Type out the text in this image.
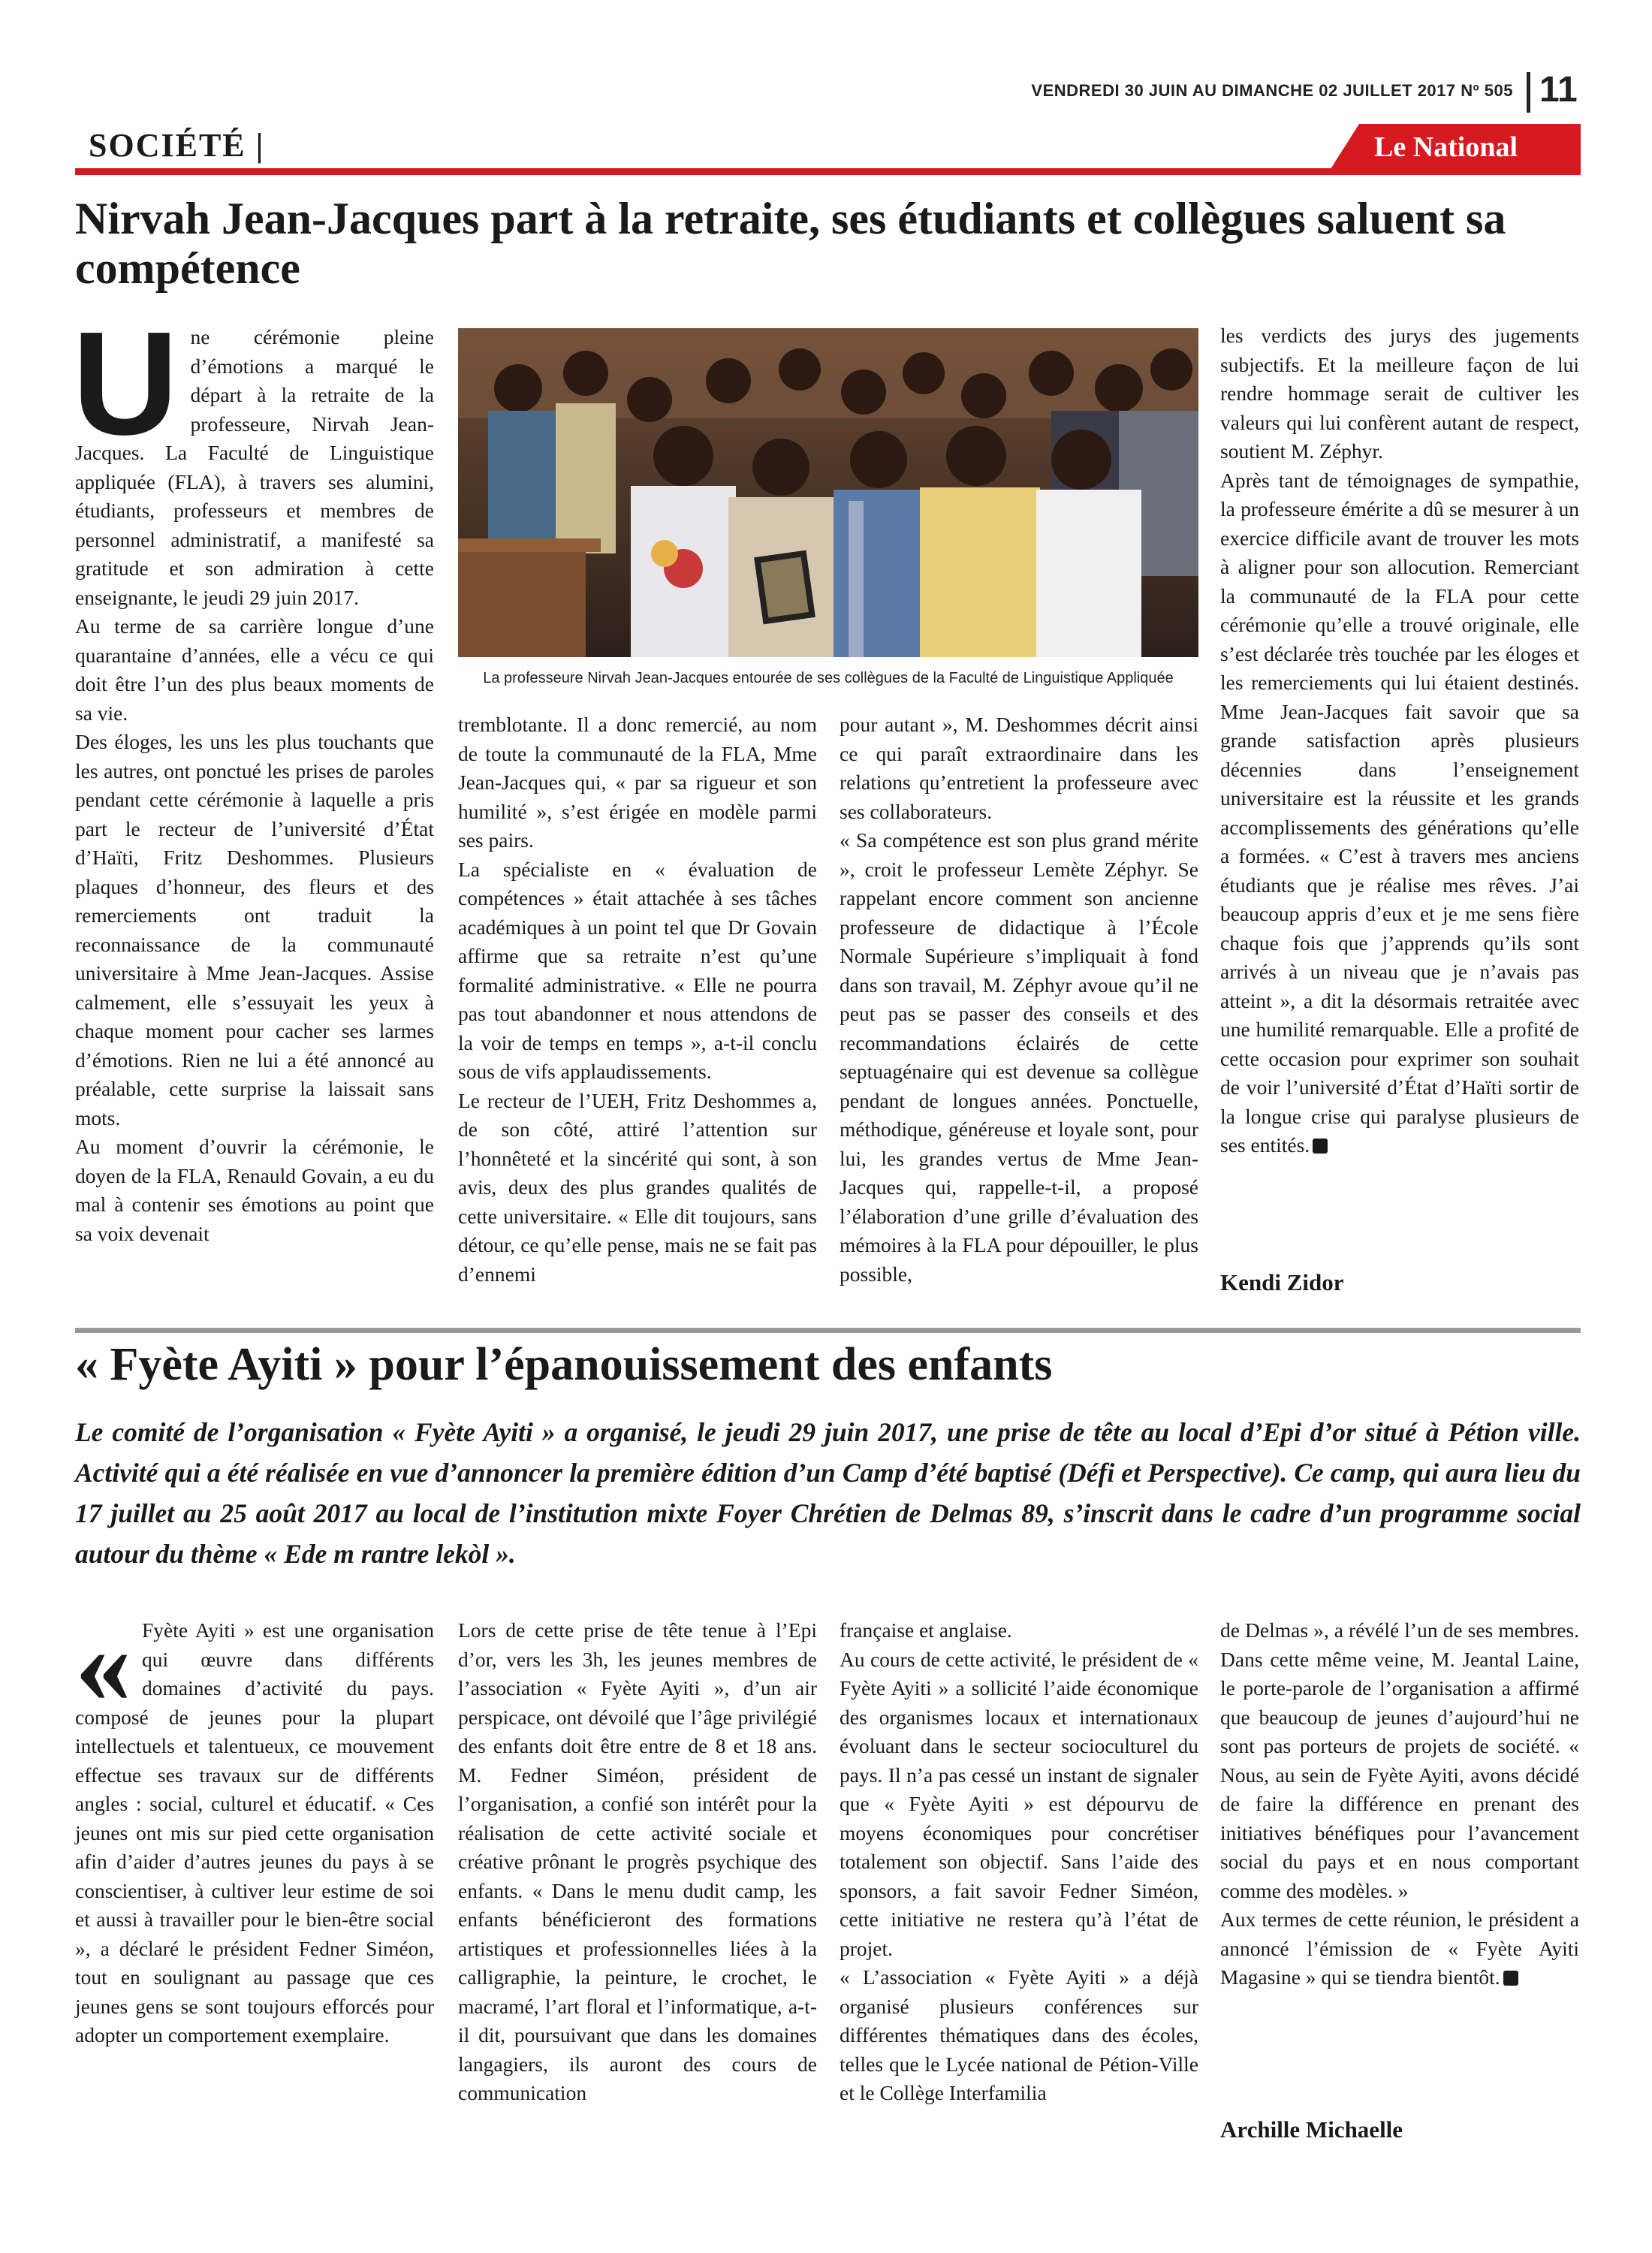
VENDREDI 30 JUIN AU DIMANCHE 02 JUILLET 2017 Nº 505 11
SOCIÉTÉ |	Le National
Nirvah Jean-Jacques part à la retraite, ses étudiants et collègues saluent sa compétence
U ne cérémonie pleine d’émotions a marqué le départ à la retraite de la professeure, Nirvah Jean-Jacques. La Faculté de Linguistique appliquée (FLA), à travers ses alumini, étudiants, professeurs et membres de personnel administratif, a manifesté sa gratitude et son admiration à cette enseignante, le jeudi 29 juin 2017.

Au terme de sa carrière longue d’une quarantaine d’années, elle a vécu ce qui doit être l’un des plus beaux moments de sa vie.

Des éloges, les uns les plus touchants que les autres, ont ponctué les prises de paroles pendant cette cérémonie à laquelle a pris part le recteur de l’université d’État d’Haïti, Fritz Deshommes. Plusieurs plaques d’honneur, des fleurs et des remerciements ont traduit la reconnaissance de la communauté universitaire à Mme Jean-Jacques. Assise calmement, elle s’essuyait les yeux à chaque moment pour cacher ses larmes d’émotions. Rien ne lui a été annoncé au préalable, cette surprise la laissait sans mots.

Au moment d’ouvrir la cérémonie, le doyen de la FLA, Renauld Govain, a eu du mal à contenir ses émotions au point que sa voix devenait

La professeure Nirvah Jean-Jacques entourée de ses collègues de la Faculté de Linguistique Appliquée

tremblotante. Il a donc remercié, au nom de toute la communauté de la FLA, Mme Jean-Jacques qui, « par sa rigueur et son humilité », s’est érigée en modèle parmi ses pairs.

La spécialiste en « évaluation de compétences » était attachée à ses tâches académiques à un point tel que Dr Govain affirme que sa retraite n’est qu’une formalité administrative. « Elle ne pourra pas tout abandonner et nous attendons de la voir de temps en temps », a-t-il conclu sous de vifs applaudissements.

Le recteur de l’UEH, Fritz Deshommes a, de son côté, attiré l’attention sur l’honnêteté et la sincérité qui sont, à son avis, deux des plus grandes qualités de cette universitaire. « Elle dit toujours, sans détour, ce qu’elle pense, mais ne se fait pas d’ennemi

pour autant », M. Deshommes décrit ainsi ce qui paraît extraordinaire dans les relations qu’entretient la professeure avec ses collaborateurs.

« Sa compétence est son plus grand mérite », croit le professeur Lemète Zéphyr. Se rappelant encore comment son ancienne professeure de didactique à l’École Normale Supérieure s’impliquait à fond dans son travail, M. Zéphyr avoue qu’il ne peut pas se passer des conseils et des recommandations éclairés de cette septuagénaire qui est devenue sa collègue pendant de longues années. Ponctuelle, méthodique, généreuse et loyale sont, pour lui, les grandes vertus de Mme Jean-Jacques qui, rappelle-t-il, a proposé l’élaboration d’une grille d’évaluation des mémoires à la FLA pour dépouiller, le plus possible,

les verdicts des jurys des jugements subjectifs. Et la meilleure façon de lui rendre hommage serait de cultiver les valeurs qui lui confèrent autant de respect, soutient M. Zéphyr.

Après tant de témoignages de sympathie, la professeure émérite a dû se mesurer à un exercice difficile avant de trouver les mots à aligner pour son allocution. Remerciant la communauté de la FLA pour cette cérémonie qu’elle a trouvé originale, elle s’est déclarée très touchée par les éloges et les remerciements qui lui étaient destinés. Mme Jean-Jacques fait savoir que sa grande satisfaction après plusieurs décennies dans l’enseignement universitaire est la réussite et les grands accomplissements des générations qu’elle a formées. « C’est à travers mes anciens étudiants que je réalise mes rêves. J’ai beaucoup appris d’eux et je me sens fière chaque fois que j’apprends qu’ils sont arrivés à un niveau que je n’avais pas atteint », a dit la désormais retraitée avec une humilité remarquable. Elle a profité de cette occasion pour exprimer son souhait de voir l’université d’État d’Haïti sortir de la longue crise qui paralyse plusieurs de ses entités.

Kendi Zidor
« Fyète Ayiti » pour l’épanouissement des enfants
Le comité de l’organisation « Fyète Ayiti » a organisé, le jeudi 29 juin 2017, une prise de tête au local d’Epi d’or situé à Pétion ville. Activité qui a été réalisée en vue d’annoncer la première édition d’un Camp d’été baptisé (Défi et Perspective). Ce camp, qui aura lieu du 17 juillet au 25 août 2017 au local de l’institution mixte Foyer Chrétien de Delmas 89, s’inscrit dans le cadre d’un programme social autour du thème « Ede m rantre lekòl ».
« Fyète Ayiti » est une organisation qui œuvre dans différents domaines d’activité du pays. composé de jeunes pour la plupart intellectuels et talentueux, ce mouvement effectue ses travaux sur de différents angles : social, culturel et éducatif. « Ces jeunes ont mis sur pied cette organisation afin d’aider d’autres jeunes du pays à se conscientiser, à cultiver leur estime de soi et aussi à travailler pour le bien-être social », a déclaré le président Fedner Siméon, tout en soulignant au passage que ces jeunes gens se sont toujours efforcés pour adopter un comportement exemplaire.

Lors de cette prise de tête tenue à l’Epi d’or, vers les 3h, les jeunes membres de l’association « Fyète Ayiti », d’un air perspicace, ont dévoilé que l’âge privilégié des enfants doit être entre de 8 et 18 ans. M. Fedner Siméon, président de l’organisation, a confié son intérêt pour la réalisation de cette activité sociale et créative prônant le progrès psychique des enfants. « Dans le menu dudit camp, les enfants bénéficieront des formations artistiques et professionnelles liées à la calligraphie, la peinture, le crochet, le macramé, l’art floral et l’informatique, a-t-il dit, poursuivant que dans les domaines langagiers, ils auront des cours de communication

française et anglaise.

Au cours de cette activité, le président de « Fyète Ayiti » a sollicité l’aide économique des organismes locaux et internationaux évoluant dans le secteur socioculturel du pays. Il n’a pas cessé un instant de signaler que « Fyète Ayiti » est dépourvu de moyens économiques pour concrétiser totalement son objectif. Sans l’aide des sponsors, a fait savoir Fedner Siméon, cette initiative ne restera qu’à l’état de projet.

« L’association « Fyète Ayiti » a déjà organisé plusieurs conférences sur différentes thématiques dans des écoles, telles que le Lycée national de Pétion-Ville et le Collège Interfamilia

de Delmas », a révélé l’un de ses membres. Dans cette même veine, M. Jeantal Laine, le porte-parole de l’organisation a affirmé que beaucoup de jeunes d’aujourd’hui ne sont pas porteurs de projets de société. « Nous, au sein de Fyète Ayiti, avons décidé de faire la différence en prenant des initiatives bénéfiques pour l’avancement social du pays et en nous comportant comme des modèles. »

Aux termes de cette réunion, le président a annoncé l’émission de « Fyète Ayiti Magasine » qui se tiendra bientôt.

Archille Michaelle
